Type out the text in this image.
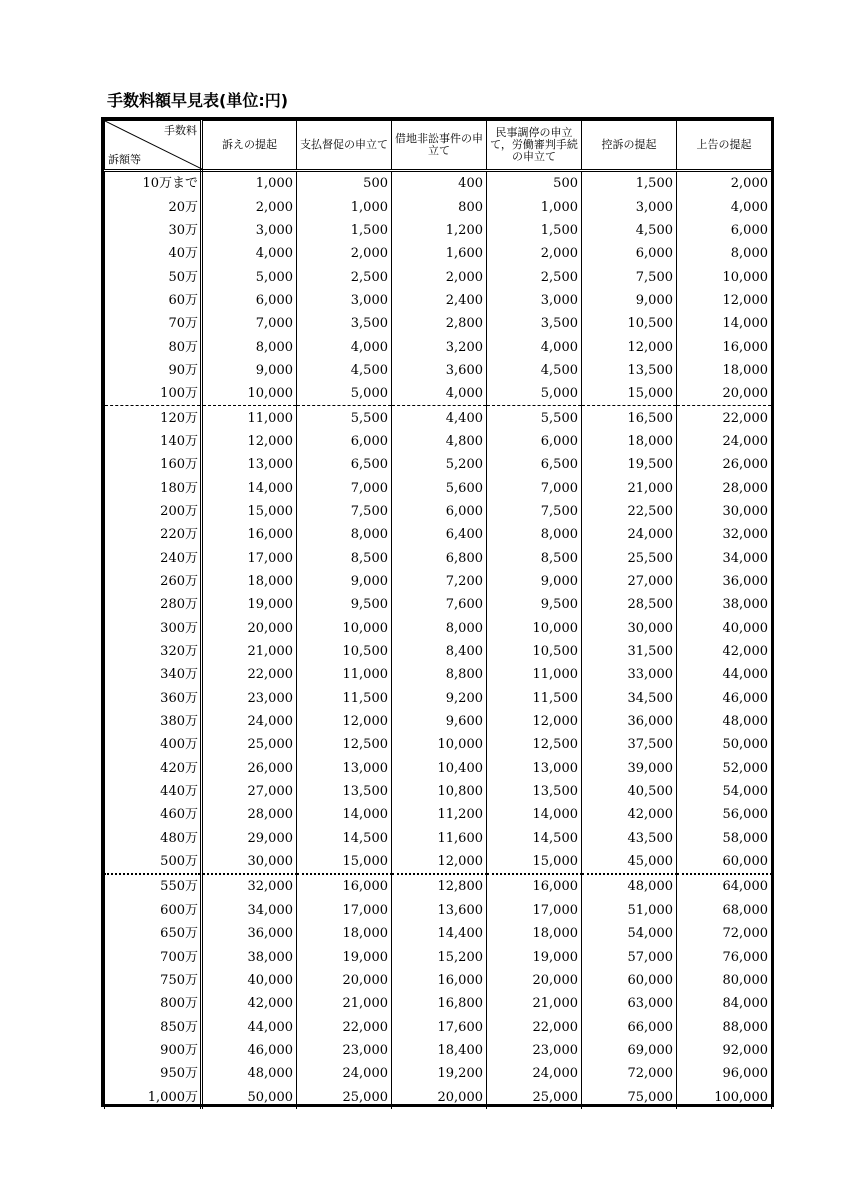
手数料額早見表(単位:円)
手数料
訴額等	訴えの提起	支払督促の申立て	借地非訟事件の申立て	民事調停の申立て，労働審判手続の申立て	控訴の提起	上告の提起
10万まで	1,000	500	400	500	1,500	2,000
20万	2,000	1,000	800	1,000	3,000	4,000
30万	3,000	1,500	1,200	1,500	4,500	6,000
40万	4,000	2,000	1,600	2,000	6,000	8,000
50万	5,000	2,500	2,000	2,500	7,500	10,000
60万	6,000	3,000	2,400	3,000	9,000	12,000
70万	7,000	3,500	2,800	3,500	10,500	14,000
80万	8,000	4,000	3,200	4,000	12,000	16,000
90万	9,000	4,500	3,600	4,500	13,500	18,000
100万	10,000	5,000	4,000	5,000	15,000	20,000
120万	11,000	5,500	4,400	5,500	16,500	22,000
140万	12,000	6,000	4,800	6,000	18,000	24,000
160万	13,000	6,500	5,200	6,500	19,500	26,000
180万	14,000	7,000	5,600	7,000	21,000	28,000
200万	15,000	7,500	6,000	7,500	22,500	30,000
220万	16,000	8,000	6,400	8,000	24,000	32,000
240万	17,000	8,500	6,800	8,500	25,500	34,000
260万	18,000	9,000	7,200	9,000	27,000	36,000
280万	19,000	9,500	7,600	9,500	28,500	38,000
300万	20,000	10,000	8,000	10,000	30,000	40,000
320万	21,000	10,500	8,400	10,500	31,500	42,000
340万	22,000	11,000	8,800	11,000	33,000	44,000
360万	23,000	11,500	9,200	11,500	34,500	46,000
380万	24,000	12,000	9,600	12,000	36,000	48,000
400万	25,000	12,500	10,000	12,500	37,500	50,000
420万	26,000	13,000	10,400	13,000	39,000	52,000
440万	27,000	13,500	10,800	13,500	40,500	54,000
460万	28,000	14,000	11,200	14,000	42,000	56,000
480万	29,000	14,500	11,600	14,500	43,500	58,000
500万	30,000	15,000	12,000	15,000	45,000	60,000
550万	32,000	16,000	12,800	16,000	48,000	64,000
600万	34,000	17,000	13,600	17,000	51,000	68,000
650万	36,000	18,000	14,400	18,000	54,000	72,000
700万	38,000	19,000	15,200	19,000	57,000	76,000
750万	40,000	20,000	16,000	20,000	60,000	80,000
800万	42,000	21,000	16,800	21,000	63,000	84,000
850万	44,000	22,000	17,600	22,000	66,000	88,000
900万	46,000	23,000	18,400	23,000	69,000	92,000
950万	48,000	24,000	19,200	24,000	72,000	96,000
1,000万	50,000	25,000	20,000	25,000	75,000	100,000
